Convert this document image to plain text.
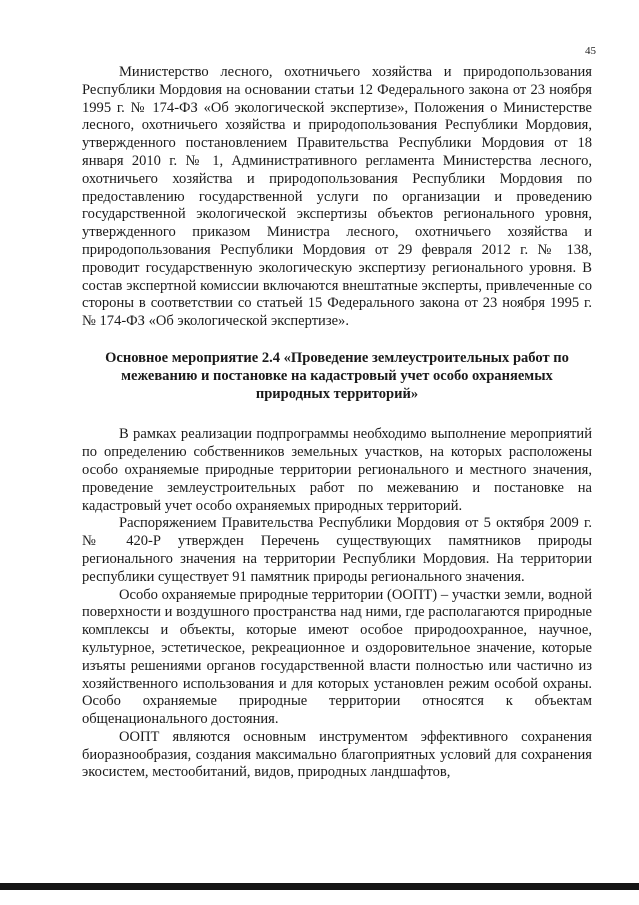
45

Министерство лесного, охотничьего хозяйства и природопользования Республики Мордовия на основании статьи 12 Федерального закона от 23 ноября 1995 г. № 174-ФЗ «Об экологической экспертизе», Положения о Министерстве лесного, охотничьего хозяйства и природопользования Республики Мордовия, утвержденного постановлением Правительства Республики Мордовия от 18 января 2010 г. № 1, Административного регламента Министерства лесного, охотничьего хозяйства и природопользования Республики Мордовия по предоставлению государственной услуги по организации и проведению государственной экологической экспертизы объектов регионального уровня, утвержденного приказом Министра лесного, охотничьего хозяйства и природопользования Республики Мордовия от 29 февраля 2012 г. № 138, проводит государственную экологическую экспертизу регионального уровня. В состав экспертной комиссии включаются внештатные эксперты, привлеченные со стороны в соответствии со статьей 15 Федерального закона от 23 ноября 1995 г. № 174-ФЗ «Об экологической экспертизе».

Основное мероприятие 2.4 «Проведение землеустроительных работ по межеванию и постановке на кадастровый учет особо охраняемых природных территорий»

В рамках реализации подпрограммы необходимо выполнение мероприятий по определению собственников земельных участков, на которых расположены особо охраняемые природные территории регионального и местного значения, проведение землеустроительных работ по межеванию и постановке на кадастровый учет особо охраняемых природных территорий.

Распоряжением Правительства Республики Мордовия от 5 октября 2009 г. № 420-Р утвержден Перечень существующих памятников природы регионального значения на территории Республики Мордовия. На территории республики существует 91 памятник природы регионального значения.

Особо охраняемые природные территории (ООПТ) – участки земли, водной поверхности и воздушного пространства над ними, где располагаются природные комплексы и объекты, которые имеют особое природоохранное, научное, культурное, эстетическое, рекреационное и оздоровительное значение, которые изъяты решениями органов государственной власти полностью или частично из хозяйственного использования и для которых установлен режим особой охраны. Особо охраняемые природные территории относятся к объектам общенационального достояния.

ООПТ являются основным инструментом эффективного сохранения биоразнообразия, создания максимально благоприятных условий для сохранения экосистем, местообитаний, видов, природных ландшафтов,
